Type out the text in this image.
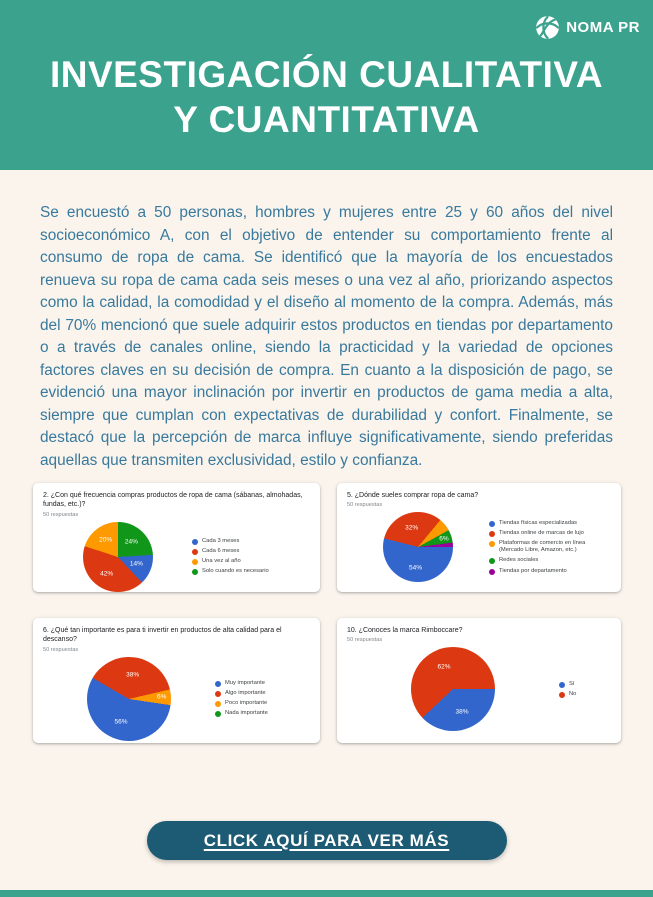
NOMA PR
INVESTIGACIÓN CUALITATIVA
Y CUANTITATIVA

Se encuestó a 50 personas, hombres y mujeres entre 25 y 60 años del nivel socioeconómico A, con el objetivo de entender su comportamiento frente al consumo de ropa de cama. Se identificó que la mayoría de los encuestados renueva su ropa de cama cada seis meses o una vez al año, priorizando aspectos como la calidad, la comodidad y el diseño al momento de la compra. Además, más del 70% mencionó que suele adquirir estos productos en tiendas por departamento o a través de canales online, siendo la practicidad y la variedad de opciones factores claves en su decisión de compra. En cuanto a la disposición de pago, se evidenció una mayor inclinación por invertir en productos de gama media a alta, siempre que cumplan con expectativas de durabilidad y confort. Finalmente, se destacó que la percepción de marca influye significativamente, siendo preferidas aquellas que transmiten exclusividad, estilo y confianza.

2. ¿Con qué frecuencia compras productos de ropa de cama (sábanas, almohadas, fundas, etc.)?
50 respuestas
24%
14%
42%
20%	Cada 3 meses
Cada 6 meses
Una vez al año
Solo cuando es necesario
5. ¿Dónde sueles comprar ropa de cama?
50 respuestas
32%
6%
54%
Tiendas físicas especializadas
Tiendas online de marcas de lujo
Plataformas de comercio en línea (Mercado Libre, Amazon, etc.)
Redes sociales
Tiendas por departamento
6. ¿Qué tan importante es para ti invertir en productos de alta calidad para el descanso?
50 respuestas
38%
6%
56%
Muy importante
Algo importante
Poco importante
Nada importante
10. ¿Conoces la marca Rimboccare?
50 respuestas
38%
62%
Sí
No
CLICK AQUÍ PARA VER MÁS
